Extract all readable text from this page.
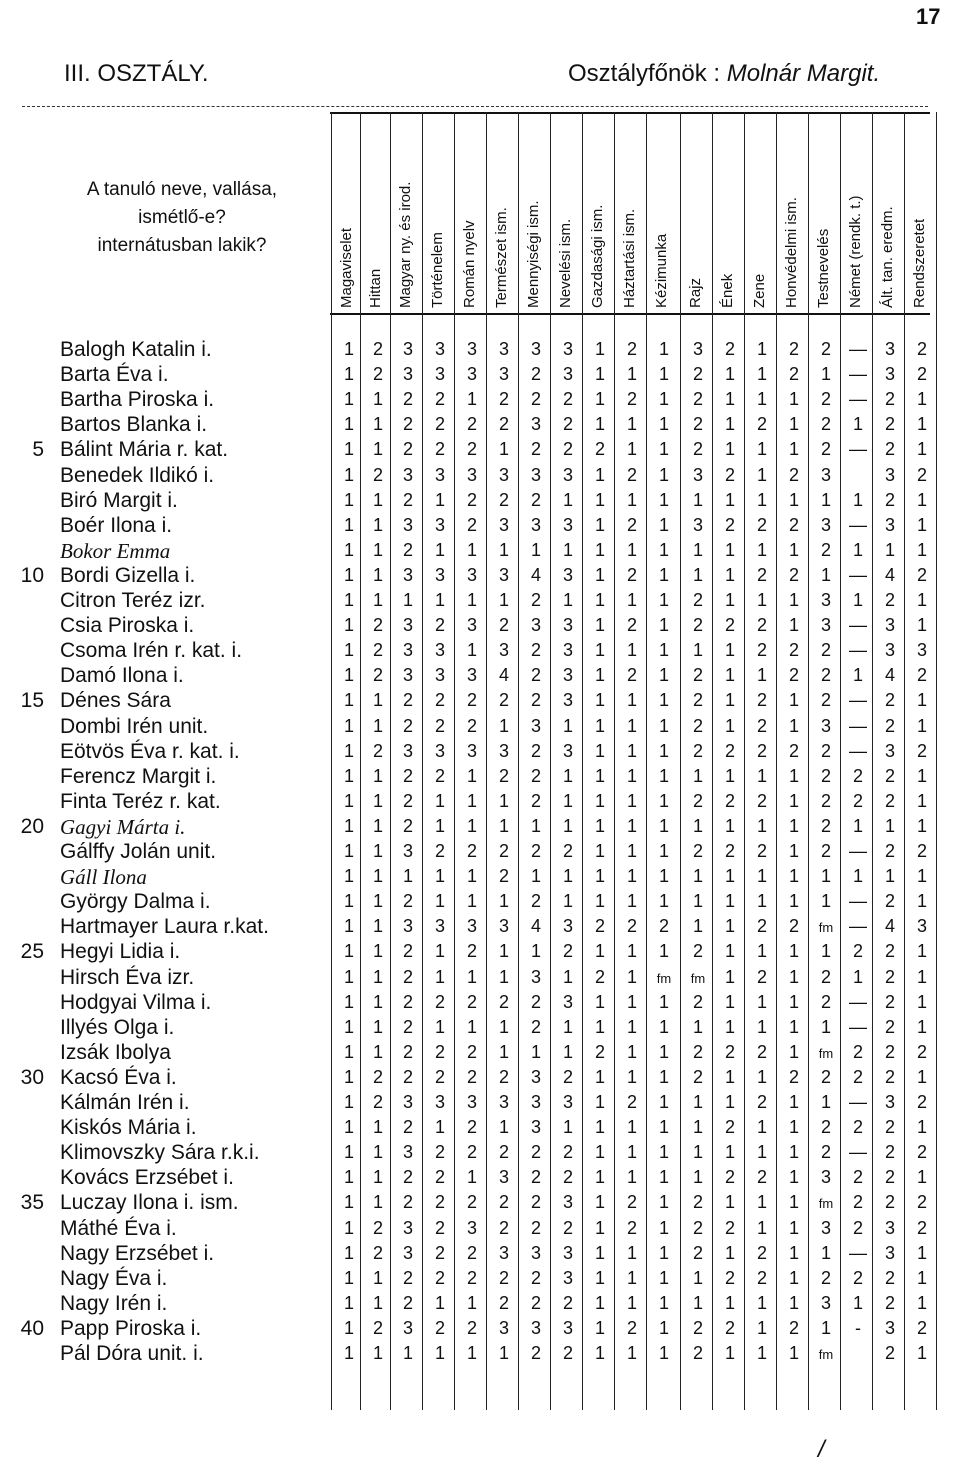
17
III. OSZTÁLY.	Osztályfőnök : Molnár Margit.
A tanuló neve, vallása,
ismétlő-e?
internátusban lakik?	Magaviselet Hittan Magyar ny. és irod. Történelem Román nyelv Természet ism. Mennyiségi ism. Nevelési ism. Gazdasági ism. Háztartási ism. Kézimunka Rajz Ének Zene Honvédelmi ism. Testnevelés Német (rendk. t.) Ált. tan. eredm. Rendszeretet
Balogh Katalin i.	1 2 3 3 3 3 3 3 1 2 1 3 2 1 2 2 — 3 2
Barta Éva i.	1 2 3 3 3 3 2 3 1 1 1 2 1 1 2 1 — 3 2
Bartha Piroska i.	1 1 2 2 1 2 2 2 1 2 1 2 1 1 1 2 — 2 1
Bartos Blanka i.	1 1 2 2 2 2 3 2 1 1 1 2 1 2 1 2 1 2 1
5 Bálint Mária r. kat.	1 1 2 2 2 1 2 2 2 1 1 2 1 1 1 2 — 2 1
Benedek Ildikó i.	1 2 3 3 3 3 3 3 1 2 1 3 2 1 2 3	3 2
Biró Margit i.	1 1 2 1 2 2 2 1 1 1 1 1 1 1 1 1 1 2 1
Boér Ilona i.	1 1 3 3 2 3 3 3 1 2 1 3 2 2 2 3 — 3 1
Bokor Emma	1 1 2 1 1 1 1 1 1 1 1 1 1 1 1 2 1 1 1
10 Bordi Gizella i.	1 1 3 3 3 3 4 3 1 2 1 1 1 2 2 1 — 4 2
Citron Teréz izr.	1 1 1 1 1 1 2 1 1 1 1 2 1 1 1 3 1 2 1
Csia Piroska i.	1 2 3 2 3 2 3 3 1 2 1 2 2 2 1 3 — 3 1
Csoma Irén r. kat. i.	1 2 3 3 1 3 2 3 1 1 1 1 1 2 2 2 — 3 3
Damó Ilona i.	1 2 3 3 3 4 2 3 1 2 1 2 1 1 2 2 1 4 2
15 Dénes Sára	1 1 2 2 2 2 2 3 1 1 1 2 1 2 1 2 — 2 1
Dombi Irén unit.	1 1 2 2 2 1 3 1 1 1 1 2 1 2 1 3 — 2 1
Eötvös Éva r. kat. i.	1 2 3 3 3 3 2 3 1 1 1 2 2 2 2 2 — 3 2
Ferencz Margit i.	1 1 2 2 1 2 2 1 1 1 1 1 1 1 1 2 2 2 1
Finta Teréz r. kat.	1 1 2 1 1 1 2 1 1 1 1 2 2 2 1 2 2 2 1
20 Gagyi Márta i.	1 1 2 1 1 1 1 1 1 1 1 1 1 1 1 2 1 1 1
Gálffy Jolán unit.	1 1 3 2 2 2 2 2 1 1 1 2 2 2 1 2 — 2 2
Gáll Ilona	1 1 1 1 1 2 1 1 1 1 1 1 1 1 1 1 1 1 1
György Dalma i.	1 1 2 1 1 1 2 1 1 1 1 1 1 1 1 1 — 2 1
Hartmayer Laura r.kat.	1 1 3 3 3 3 4 3 2 2 2 1 1 2 2	fm — 4 3
25 Hegyi Lidia i.	1 1 2 1 2 1 1 2 1 1 1 2 1 1 1 1 2 2 1
Hirsch Éva izr.	1 1 2 1 1 1 3 1 2 1	fm fm 1 2 1 2 1 2 1
Hodgyai Vilma i.	1 1 2 2 2 2 2 3 1 1 1 2 1 1 1 2 — 2 1
Illyés Olga i.	1 1 2 1 1 1 2 1 1 1 1 1 1 1 1 1 — 2 1
Izsák Ibolya	1 1 2 2 2 1 1 1 2 1 1 2 2 2 1	fm 2 2 2
30 Kacsó Éva i.	1 2 2 2 2 2 3 2 1 1 1 2 1 1 2 2 2 2 1
Kálmán Irén i.	1 2 3 3 3 3 3 3 1 2 1 1 1 2 1 1 — 3 2
Kiskós Mária i.	1 1 2 1 2 1 3 1 1 1 1 1 2 1 1 2 2 2 1
Klimovszky Sára r.k.i.	1 1 3 2 2 2 2 2 1 1 1 1 1 1 1 2 — 2 2
Kovács Erzsébet i.	1 1 2 2 1 3 2 2 1 1 1 1 2 2 1 3 2 2 1
35 Luczay Ilona i. ism.	1 1 2 2 2 2 2 3 1 2 1 2 1 1 1	fm 2 2 2
Máthé Éva i.	1 2 3 2 3 2 2 2 1 2 1 2 2 1 1 3 2 3 2
Nagy Erzsébet i.	1 2 3 2 2 3 3 3 1 1 1 2 1 2 1 1 — 3 1
Nagy Éva i.	1 1 2 2 2 2 2 3 1 1 1 1 2 2 1 2 2 2 1
Nagy Irén i.	1 1 2 1 1 2 2 2 1 1 1 1 1 1 1 3 1 2 1
40 Papp Piroska i.	1 2 3 2 2 3 3 3 1 2 1 2 2 1 2 1	-	3 2
Pál Dóra unit. i.	1 1 1 1 1 1 2 2 1 1 1 2 1 1 1	fm	2 1
/
